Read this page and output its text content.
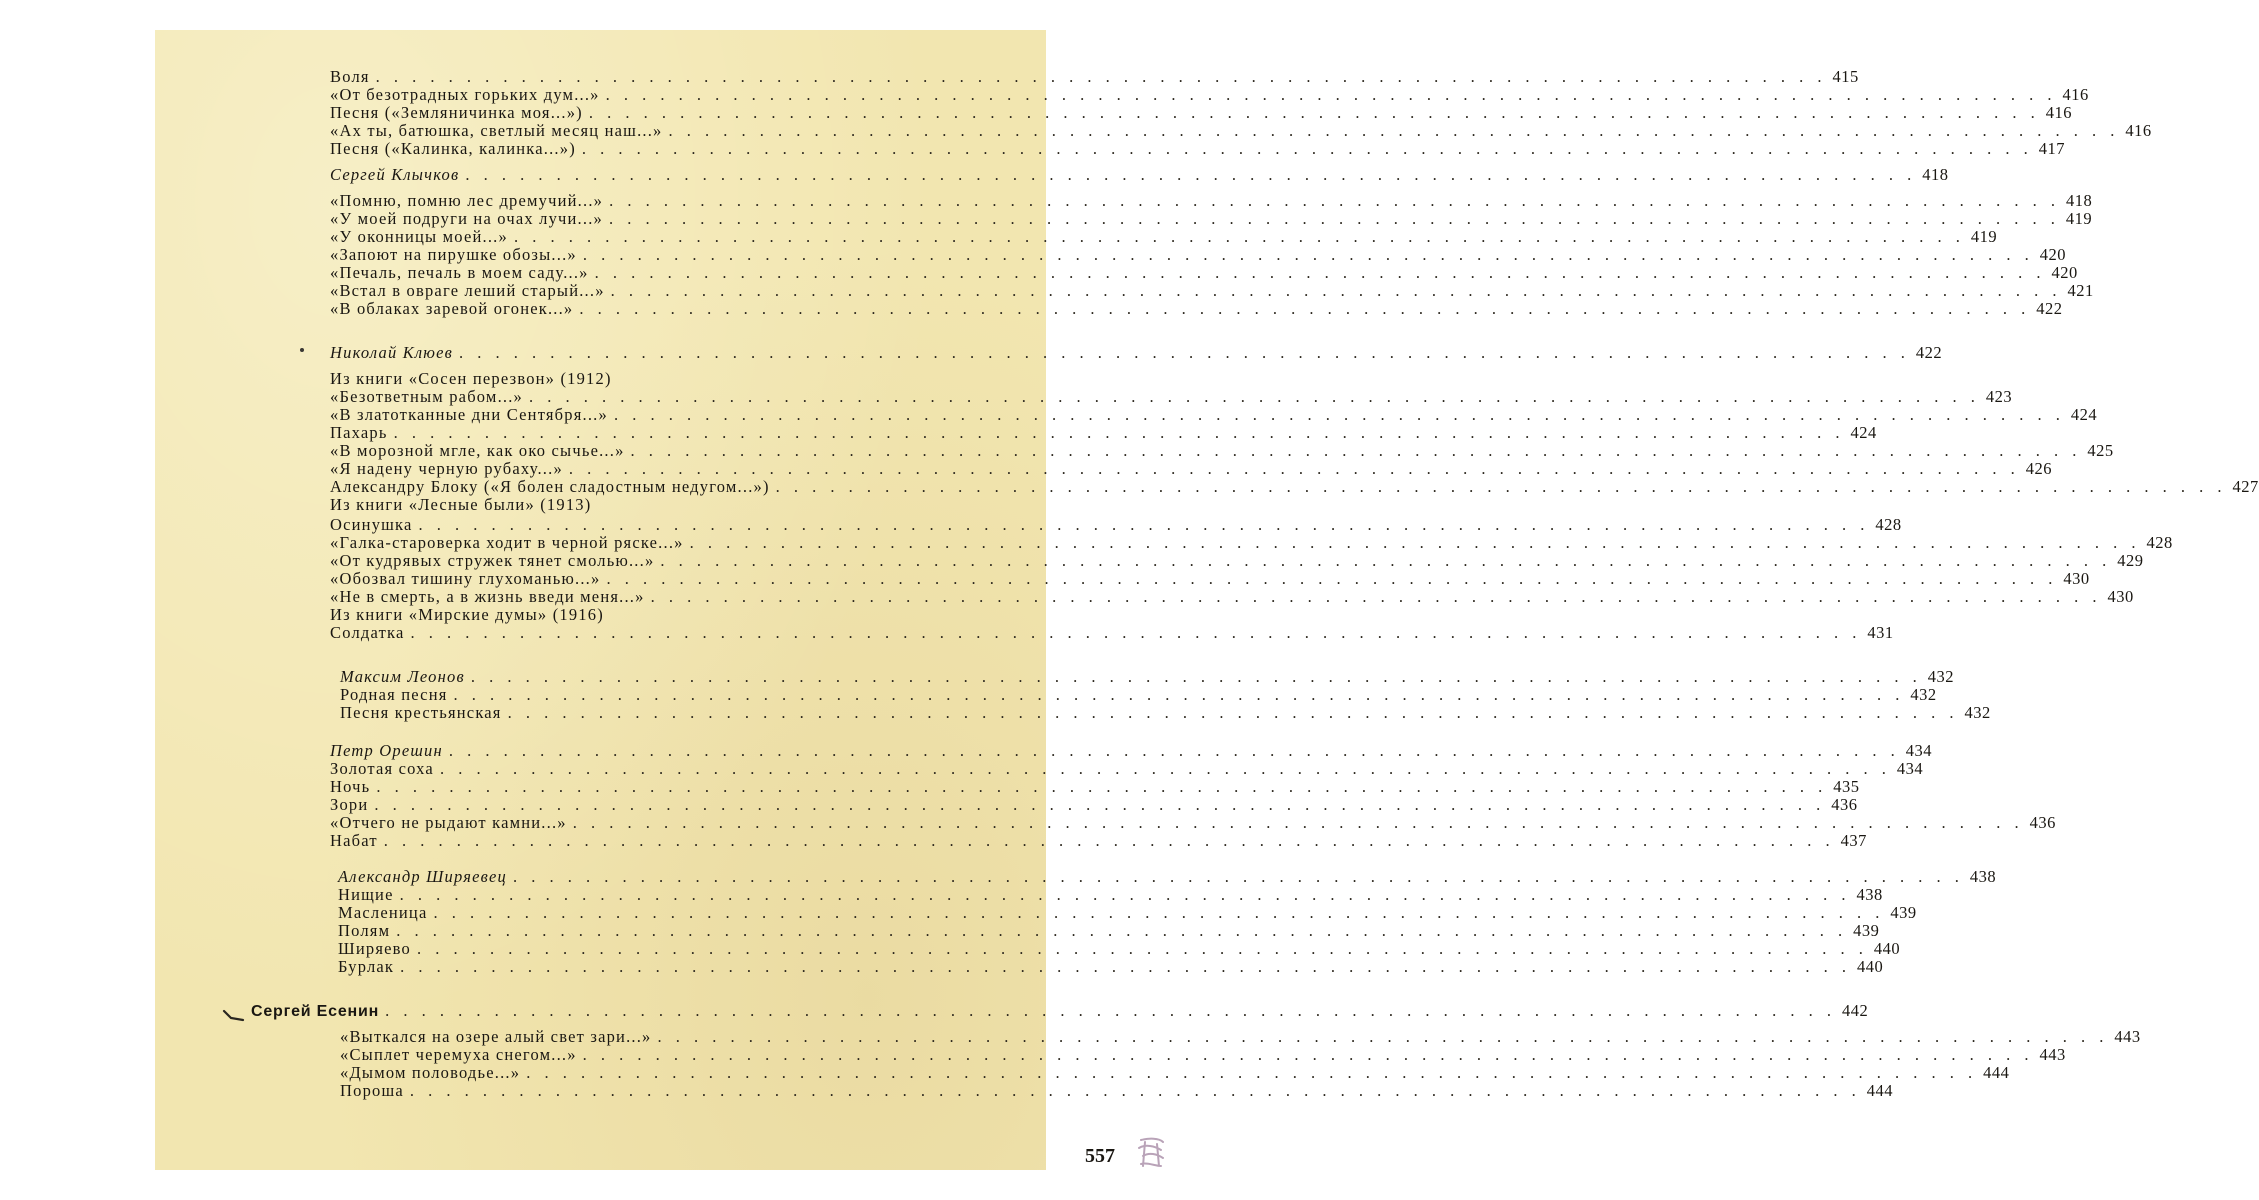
Воля . . . . . . . . . . . . . . . . . . . . . . . . . . . . . . . . . . . . . . . . . . . . . . . . . . . . . . . . . . . . . . . . . . . . . . . . . . . . . . . . 415
«От безотрадных горьких дум...» . . . . . . . . . . . . . . . . . . . . . . . . . . . . . . . . . . . . . . . . . . . . . . . . . . . . . . . . . . . . . . . . . . . . . . . . . . . . . . . . 416
Песня («Земляничинка моя...») . . . . . . . . . . . . . . . . . . . . . . . . . . . . . . . . . . . . . . . . . . . . . . . . . . . . . . . . . . . . . . . . . . . . . . . . . . . . . . . . 416
«Ах ты, батюшка, светлый месяц наш...» . . . . . . . . . . . . . . . . . . . . . . . . . . . . . . . . . . . . . . . . . . . . . . . . . . . . . . . . . . . . . . . . . . . . . . . . . . . . . . . . 416
Песня («Калинка, калинка...») . . . . . . . . . . . . . . . . . . . . . . . . . . . . . . . . . . . . . . . . . . . . . . . . . . . . . . . . . . . . . . . . . . . . . . . . . . . . . . . . 417
Сергей Клычков . . . . . . . . . . . . . . . . . . . . . . . . . . . . . . . . . . . . . . . . . . . . . . . . . . . . . . . . . . . . . . . . . . . . . . . . . . . . . . . . 418
«Помню, помню лес дремучий...» . . . . . . . . . . . . . . . . . . . . . . . . . . . . . . . . . . . . . . . . . . . . . . . . . . . . . . . . . . . . . . . . . . . . . . . . . . . . . . . . 418
«У моей подруги на очах лучи...» . . . . . . . . . . . . . . . . . . . . . . . . . . . . . . . . . . . . . . . . . . . . . . . . . . . . . . . . . . . . . . . . . . . . . . . . . . . . . . . . 419
«У оконницы моей...» . . . . . . . . . . . . . . . . . . . . . . . . . . . . . . . . . . . . . . . . . . . . . . . . . . . . . . . . . . . . . . . . . . . . . . . . . . . . . . . . 419
«Запоют на пирушке обозы...» . . . . . . . . . . . . . . . . . . . . . . . . . . . . . . . . . . . . . . . . . . . . . . . . . . . . . . . . . . . . . . . . . . . . . . . . . . . . . . . . 420
«Печаль, печаль в моем саду...» . . . . . . . . . . . . . . . . . . . . . . . . . . . . . . . . . . . . . . . . . . . . . . . . . . . . . . . . . . . . . . . . . . . . . . . . . . . . . . . . 420
«Встал в овраге леший старый...» . . . . . . . . . . . . . . . . . . . . . . . . . . . . . . . . . . . . . . . . . . . . . . . . . . . . . . . . . . . . . . . . . . . . . . . . . . . . . . . . 421
«В облаках заревой огонек...» . . . . . . . . . . . . . . . . . . . . . . . . . . . . . . . . . . . . . . . . . . . . . . . . . . . . . . . . . . . . . . . . . . . . . . . . . . . . . . . . 422
Николай Клюев . . . . . . . . . . . . . . . . . . . . . . . . . . . . . . . . . . . . . . . . . . . . . . . . . . . . . . . . . . . . . . . . . . . . . . . . . . . . . . . . 422
Из книги «Сосен перезвон» (1912)
«Безответным рабом...» . . . . . . . . . . . . . . . . . . . . . . . . . . . . . . . . . . . . . . . . . . . . . . . . . . . . . . . . . . . . . . . . . . . . . . . . . . . . . . . . 423
«В златотканные дни Сентября...» . . . . . . . . . . . . . . . . . . . . . . . . . . . . . . . . . . . . . . . . . . . . . . . . . . . . . . . . . . . . . . . . . . . . . . . . . . . . . . . . 424
Пахарь . . . . . . . . . . . . . . . . . . . . . . . . . . . . . . . . . . . . . . . . . . . . . . . . . . . . . . . . . . . . . . . . . . . . . . . . . . . . . . . . 424
«В морозной мгле, как око сычье...» . . . . . . . . . . . . . . . . . . . . . . . . . . . . . . . . . . . . . . . . . . . . . . . . . . . . . . . . . . . . . . . . . . . . . . . . . . . . . . . . 425
«Я надену черную рубаху...» . . . . . . . . . . . . . . . . . . . . . . . . . . . . . . . . . . . . . . . . . . . . . . . . . . . . . . . . . . . . . . . . . . . . . . . . . . . . . . . . 426
Александру Блоку («Я болен сладостным недугом...») . . . . . . . . . . . . . . . . . . . . . . . . . . . . . . . . . . . . . . . . . . . . . . . . . . . . . . . . . . . . . . . . . . . . . . . . . . . . . . . . 427
Из книги «Лесные были» (1913)
Осинушка . . . . . . . . . . . . . . . . . . . . . . . . . . . . . . . . . . . . . . . . . . . . . . . . . . . . . . . . . . . . . . . . . . . . . . . . . . . . . . . . 428
«Галка-староверка ходит в черной ряске...» . . . . . . . . . . . . . . . . . . . . . . . . . . . . . . . . . . . . . . . . . . . . . . . . . . . . . . . . . . . . . . . . . . . . . . . . . . . . . . . . 428
«От кудрявых стружек тянет смолью...» . . . . . . . . . . . . . . . . . . . . . . . . . . . . . . . . . . . . . . . . . . . . . . . . . . . . . . . . . . . . . . . . . . . . . . . . . . . . . . . . 429
«Обозвал тишину глухоманью...» . . . . . . . . . . . . . . . . . . . . . . . . . . . . . . . . . . . . . . . . . . . . . . . . . . . . . . . . . . . . . . . . . . . . . . . . . . . . . . . . 430
«Не в смерть, а в жизнь введи меня...» . . . . . . . . . . . . . . . . . . . . . . . . . . . . . . . . . . . . . . . . . . . . . . . . . . . . . . . . . . . . . . . . . . . . . . . . . . . . . . . . 430
Из книги «Мирские думы» (1916)
Солдатка . . . . . . . . . . . . . . . . . . . . . . . . . . . . . . . . . . . . . . . . . . . . . . . . . . . . . . . . . . . . . . . . . . . . . . . . . . . . . . . . 431
Максим Леонов . . . . . . . . . . . . . . . . . . . . . . . . . . . . . . . . . . . . . . . . . . . . . . . . . . . . . . . . . . . . . . . . . . . . . . . . . . . . . . . . 432
Родная песня . . . . . . . . . . . . . . . . . . . . . . . . . . . . . . . . . . . . . . . . . . . . . . . . . . . . . . . . . . . . . . . . . . . . . . . . . . . . . . . . 432
Песня крестьянская . . . . . . . . . . . . . . . . . . . . . . . . . . . . . . . . . . . . . . . . . . . . . . . . . . . . . . . . . . . . . . . . . . . . . . . . . . . . . . . . 432
Петр Орешин . . . . . . . . . . . . . . . . . . . . . . . . . . . . . . . . . . . . . . . . . . . . . . . . . . . . . . . . . . . . . . . . . . . . . . . . . . . . . . . . 434
Золотая соха . . . . . . . . . . . . . . . . . . . . . . . . . . . . . . . . . . . . . . . . . . . . . . . . . . . . . . . . . . . . . . . . . . . . . . . . . . . . . . . . 434
Ночь . . . . . . . . . . . . . . . . . . . . . . . . . . . . . . . . . . . . . . . . . . . . . . . . . . . . . . . . . . . . . . . . . . . . . . . . . . . . . . . . 435
Зори . . . . . . . . . . . . . . . . . . . . . . . . . . . . . . . . . . . . . . . . . . . . . . . . . . . . . . . . . . . . . . . . . . . . . . . . . . . . . . . . 436
«Отчего не рыдают камни...» . . . . . . . . . . . . . . . . . . . . . . . . . . . . . . . . . . . . . . . . . . . . . . . . . . . . . . . . . . . . . . . . . . . . . . . . . . . . . . . . 436
Набат . . . . . . . . . . . . . . . . . . . . . . . . . . . . . . . . . . . . . . . . . . . . . . . . . . . . . . . . . . . . . . . . . . . . . . . . . . . . . . . . 437
Александр Ширяевец . . . . . . . . . . . . . . . . . . . . . . . . . . . . . . . . . . . . . . . . . . . . . . . . . . . . . . . . . . . . . . . . . . . . . . . . . . . . . . . . 438
Нищие . . . . . . . . . . . . . . . . . . . . . . . . . . . . . . . . . . . . . . . . . . . . . . . . . . . . . . . . . . . . . . . . . . . . . . . . . . . . . . . . 438
Масленица . . . . . . . . . . . . . . . . . . . . . . . . . . . . . . . . . . . . . . . . . . . . . . . . . . . . . . . . . . . . . . . . . . . . . . . . . . . . . . . . 439
Полям . . . . . . . . . . . . . . . . . . . . . . . . . . . . . . . . . . . . . . . . . . . . . . . . . . . . . . . . . . . . . . . . . . . . . . . . . . . . . . . . 439
Ширяево . . . . . . . . . . . . . . . . . . . . . . . . . . . . . . . . . . . . . . . . . . . . . . . . . . . . . . . . . . . . . . . . . . . . . . . . . . . . . . . . 440
Бурлак . . . . . . . . . . . . . . . . . . . . . . . . . . . . . . . . . . . . . . . . . . . . . . . . . . . . . . . . . . . . . . . . . . . . . . . . . . . . . . . . 440
Сергей Есенин . . . . . . . . . . . . . . . . . . . . . . . . . . . . . . . . . . . . . . . . . . . . . . . . . . . . . . . . . . . . . . . . . . . . . . . . . . . . . . . . 442
«Выткался на озере алый свет зари...» . . . . . . . . . . . . . . . . . . . . . . . . . . . . . . . . . . . . . . . . . . . . . . . . . . . . . . . . . . . . . . . . . . . . . . . . . . . . . . . . 443
«Сыплет черемуха снегом...» . . . . . . . . . . . . . . . . . . . . . . . . . . . . . . . . . . . . . . . . . . . . . . . . . . . . . . . . . . . . . . . . . . . . . . . . . . . . . . . . 443
«Дымом половодье...» . . . . . . . . . . . . . . . . . . . . . . . . . . . . . . . . . . . . . . . . . . . . . . . . . . . . . . . . . . . . . . . . . . . . . . . . . . . . . . . . 444
Пороша . . . . . . . . . . . . . . . . . . . . . . . . . . . . . . . . . . . . . . . . . . . . . . . . . . . . . . . . . . . . . . . . . . . . . . . . . . . . . . . . 444
557
